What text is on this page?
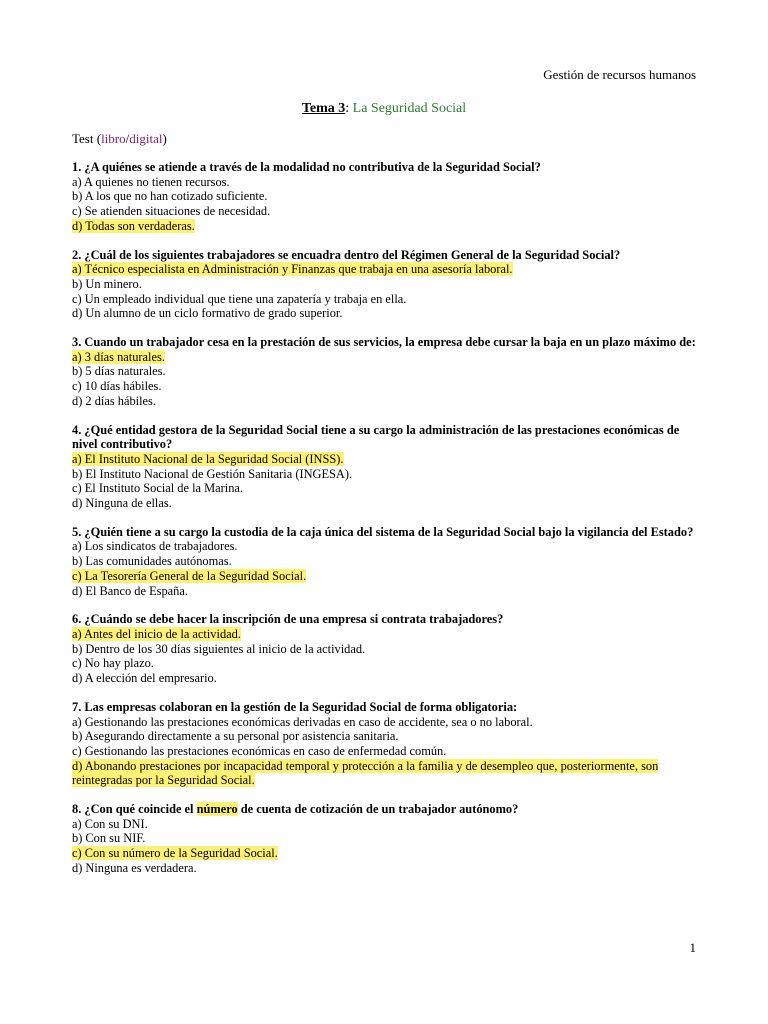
Gestión de recursos humanos
Tema 3: La Seguridad Social
Test (libro/digital)
1. ¿A quiénes se atiende a través de la modalidad no contributiva de la Seguridad Social?
a) A quienes no tienen recursos.
b) A los que no han cotizado suficiente.
c) Se atienden situaciones de necesidad.
d) Todas son verdaderas.
2. ¿Cuál de los siguientes trabajadores se encuadra dentro del Régimen General de la Seguridad Social?
a) Técnico especialista en Administración y Finanzas que trabaja en una asesoría laboral.
b) Un minero.
c) Un empleado individual que tiene una zapatería y trabaja en ella.
d) Un alumno de un ciclo formativo de grado superior.
3. Cuando un trabajador cesa en la prestación de sus servicios, la empresa debe cursar la baja en un plazo máximo de:
a) 3 días naturales.
b) 5 días naturales.
c) 10 días hábiles.
d) 2 días hábiles.
4. ¿Qué entidad gestora de la Seguridad Social tiene a su cargo la administración de las prestaciones económicas de nivel contributivo?
a) El Instituto Nacional de la Seguridad Social (INSS).
b) El Instituto Nacional de Gestión Sanitaria (INGESA).
c) El Instituto Social de la Marina.
d) Ninguna de ellas.
5. ¿Quién tiene a su cargo la custodia de la caja única del sistema de la Seguridad Social bajo la vigilancia del Estado?
a) Los sindicatos de trabajadores.
b) Las comunidades autónomas.
c) La Tesorería General de la Seguridad Social.
d) El Banco de España.
6. ¿Cuándo se debe hacer la inscripción de una empresa si contrata trabajadores?
a) Antes del inicio de la actividad.
b) Dentro de los 30 días siguientes al inicio de la actividad.
c) No hay plazo.
d) A elección del empresario.
7. Las empresas colaboran en la gestión de la Seguridad Social de forma obligatoria:
a) Gestionando las prestaciones económicas derivadas en caso de accidente, sea o no laboral.
b) Asegurando directamente a su personal por asistencia sanitaria.
c) Gestionando las prestaciones económicas en caso de enfermedad común.
d) Abonando prestaciones por incapacidad temporal y protección a la familia y de desempleo que, posteriormente, son reintegradas por la Seguridad Social.
8. ¿Con qué coincide el número de cuenta de cotización de un trabajador autónomo?
a) Con su DNI.
b) Con su NIF.
c) Con su número de la Seguridad Social.
d) Ninguna es verdadera.
1
